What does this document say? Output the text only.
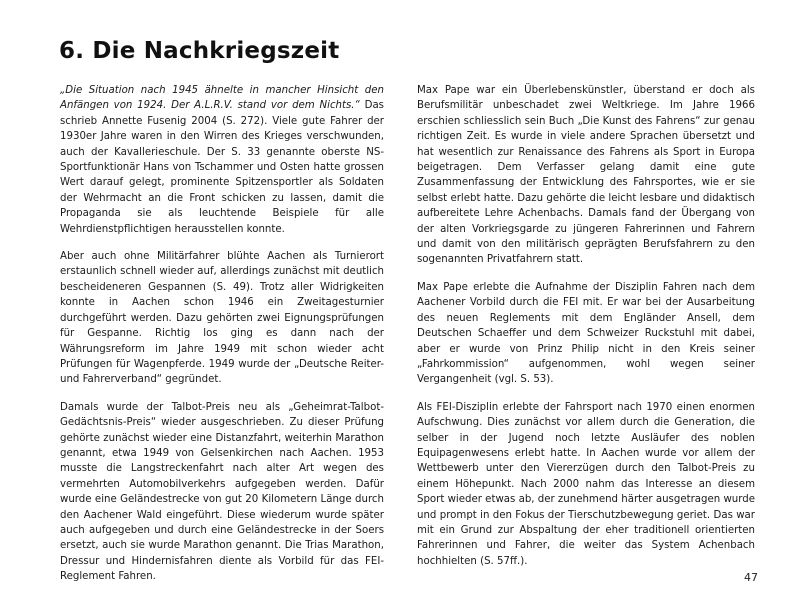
6. Die Nachkriegszeit

„Die Situation nach 1945 ähnelte in mancher Hinsicht den Anfängen von 1924. Der A.L.R.V. stand vor dem Nichts.“ Das schrieb Annette Fusenig 2004 (S. 272). Viele gute Fahrer der 1930er Jahre waren in den Wirren des Krieges verschwunden, auch der Kavallerieschule. Der S. 33 genannte oberste NS-Sportfunktionär Hans von Tschammer und Osten hatte grossen Wert darauf gelegt, prominente Spitzensportler als Soldaten der Wehrmacht an die Front schicken zu lassen, damit die Propaganda sie als leuchtende Beispiele für alle Wehrdienstpflichtigen herausstellen konnte.

Aber auch ohne Militärfahrer blühte Aachen als Turnierort erstaunlich schnell wieder auf, allerdings zunächst mit deutlich bescheideneren Gespannen (S. 49). Trotz aller Widrigkeiten konnte in Aachen schon 1946 ein Zweitagesturnier durchgeführt werden. Dazu gehörten zwei Eignungsprüfungen für Gespanne. Richtig los ging es dann nach der Währungsreform im Jahre 1949 mit schon wieder acht Prüfungen für Wagenpferde. 1949 wurde der „Deutsche Reiter- und Fahrerverband“ gegründet.

Damals wurde der Talbot-Preis neu als „Geheimrat-Talbot-Gedächtsnis-Preis“ wieder ausgeschrieben. Zu dieser Prüfung gehörte zunächst wieder eine Distanzfahrt, weiterhin Marathon genannt, etwa 1949 von Gelsenkirchen nach Aachen. 1953 musste die Langstreckenfahrt nach alter Art wegen des vermehrten Automobilverkehrs aufgegeben werden. Dafür wurde eine Geländestrecke von gut 20 Kilometern Länge durch den Aachener Wald eingeführt. Diese wiederum wurde später auch aufgegeben und durch eine Geländestrecke in der Soers ersetzt, auch sie wurde Marathon genannt. Die Trias Marathon, Dressur und Hindernisfahren diente als Vorbild für das FEI-Reglement Fahren.

Max Pape war ein Überlebenskünstler, überstand er doch als Berufsmilitär unbeschadet zwei Weltkriege. Im Jahre 1966 erschien schliesslich sein Buch „Die Kunst des Fahrens“ zur genau richtigen Zeit. Es wurde in viele andere Sprachen übersetzt und hat wesentlich zur Renaissance des Fahrens als Sport in Europa beigetragen. Dem Verfasser gelang damit eine gute Zusammenfassung der Entwicklung des Fahrsportes, wie er sie selbst erlebt hatte. Dazu gehörte die leicht lesbare und didaktisch aufbereitete Lehre Achenbachs. Damals fand der Übergang von der alten Vorkriegsgarde zu jüngeren Fahrerinnen und Fahrern und damit von den militärisch geprägten Berufsfahrern zu den sogenannten Privatfahrern statt.

Max Pape erlebte die Aufnahme der Disziplin Fahren nach dem Aachener Vorbild durch die FEI mit. Er war bei der Ausarbeitung des neuen Reglements mit dem Engländer Ansell, dem Deutschen Schaeffer und dem Schweizer Ruckstuhl mit dabei, aber er wurde von Prinz Philip nicht in den Kreis seiner „Fahrkommission“ aufgenommen, wohl wegen seiner Vergangenheit (vgl. S. 53).

Als FEI-Disziplin erlebte der Fahrsport nach 1970 einen enormen Aufschwung. Dies zunächst vor allem durch die Generation, die selber in der Jugend noch letzte Ausläufer des noblen Equipagenwesens erlebt hatte. In Aachen wurde vor allem der Wettbewerb unter den Viererzügen durch den Talbot-Preis zu einem Höhepunkt. Nach 2000 nahm das Interesse an diesem Sport wieder etwas ab, der zunehmend härter ausgetragen wurde und prompt in den Fokus der Tierschutzbewegung geriet. Das war mit ein Grund zur Abspaltung der eher traditionell orientierten Fahrerinnen und Fahrer, die weiter das System Achenbach hochhielten (S. 57ff.).

47
